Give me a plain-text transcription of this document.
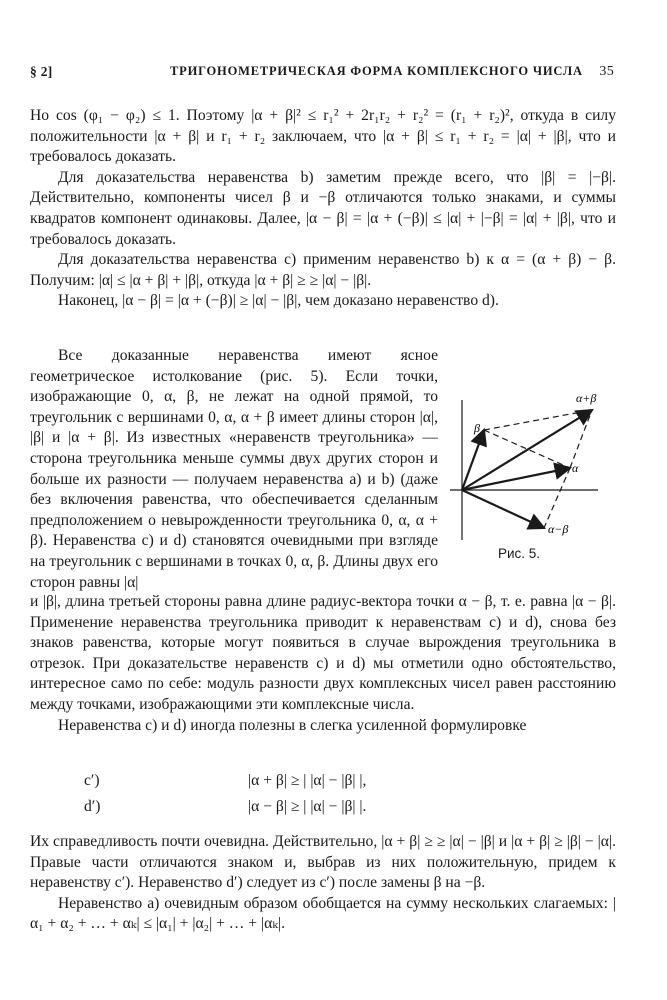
§ 2]	ТРИГОНОМЕТРИЧЕСКАЯ ФОРМА КОМПЛЕКСНОГО ЧИСЛА 35

Но cos (φ₁ − φ₂) ≤ 1. Поэтому |α + β|² ≤ r₁² + 2r₁r₂ + r₂² = (r₁ + r₂)², откуда в силу положительности |α + β| и r₁ + r₂ заключаем, что |α + β| ≤ r₁ + r₂ = |α| + |β|, что и требовалось доказать.

Для доказательства неравенства b) заметим прежде всего, что |β| = |−β|. Действительно, компоненты чисел β и −β отличаются только знаками, и суммы квадратов компонент одинаковы. Далее, |α − β| = |α + (−β)| ≤ |α| + |−β| = |α| + |β|, что и требовалось доказать.

Для доказательства неравенства с) применим неравенство b) к α = (α + β) − β. Получим: |α| ≤ |α + β| + |β|, откуда |α + β| ≥ ≥ |α| − |β|.

Наконец, |α − β| = |α + (−β)| ≥ |α| − |β|, чем доказано неравенство d).

Все доказанные неравенства имеют ясное геометрическое истолкование (рис. 5). Если точки, изображающие 0, α, β, не лежат на одной прямой, то треугольник с вершинами 0, α, α + β имеет длины сторон |α|, |β| и |α + β|. Из известных «неравенств треугольника» — сторона треугольника меньше суммы двух других сторон и больше их разности — получаем неравенства a) и b) (даже без включения равенства, что обеспечивается сделанным предположением о невырожденности треугольника 0, α, α + β). Неравенства с) и d) становятся очевидными при взгляде на треугольник с вершинами в точках 0, α, β. Длины двух его сторон равны |α|

α+β
β
α
α−β
Рис. 5.

и |β|, длина третьей стороны равна длине радиус-вектора точки α − β, т. е. равна |α − β|. Применение неравенства треугольника приводит к неравенствам с) и d), снова без знаков равенства, которые могут появиться в случае вырождения треугольника в отрезок. При доказательстве неравенств с) и d) мы отметили одно обстоятельство, интересное само по себе: модуль разности двух комплексных чисел равен расстоянию между точками, изображающими эти комплексные числа.

Неравенства с) и d) иногда полезны в слегка усиленной формулировке

c′)	|α + β| ≥ | |α| − |β| |,
d′)	|α − β| ≥ | |α| − |β| |.

Их справедливость почти очевидна. Действительно, |α + β| ≥ ≥ |α| − |β| и |α + β| ≥ |β| − |α|. Правые части отличаются знаком и, выбрав из них положительную, придем к неравенству с′). Неравенство d′) следует из с′) после замены β на −β.

Неравенство а) очевидным образом обобщается на сумму нескольких слагаемых: |α₁ + α₂ + … + αₖ| ≤ |α₁| + |α₂| + … + |αₖ|.
